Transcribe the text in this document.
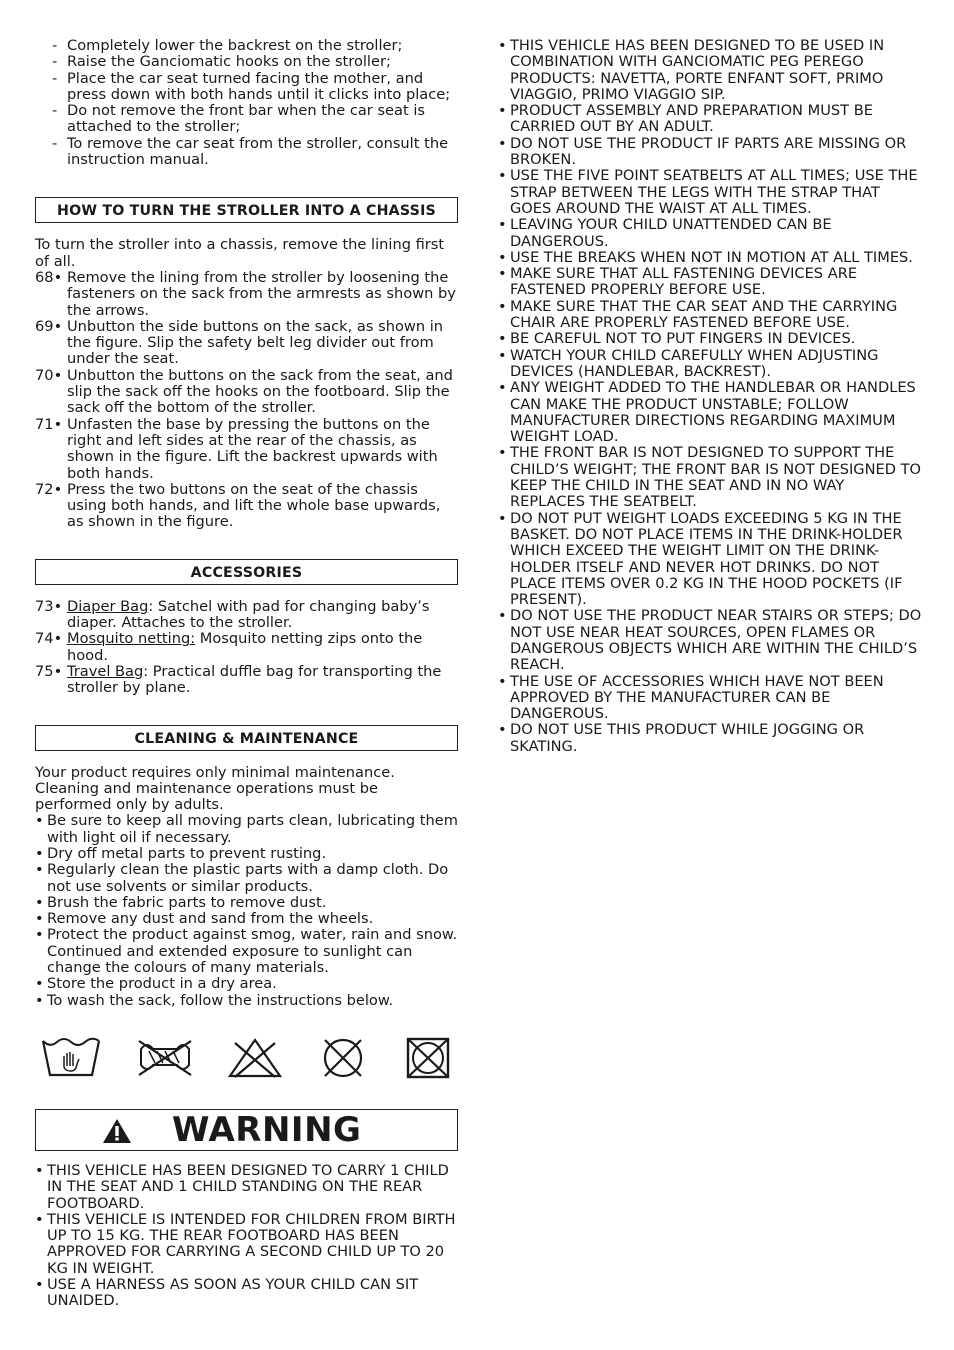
- Completely lower the backrest on the stroller;
- Raise the Ganciomatic hooks on the stroller;
- Place the car seat turned facing the mother, and press down with both hands until it clicks into place;
- Do not remove the front bar when the car seat is attached to the stroller;
- To remove the car seat from the stroller, consult the instruction manual.
HOW TO TURN THE STROLLER INTO A CHASSIS

To turn the stroller into a chassis, remove the lining first of all.

68• Remove the lining from the stroller by loosening the fasteners on the sack from the armrests as shown by the arrows.
69• Unbutton the side buttons on the sack, as shown in the figure. Slip the safety belt leg divider out from under the seat.
70• Unbutton the buttons on the sack from the seat, and slip the sack off the hooks on the footboard. Slip the sack off the bottom of the stroller.
71• Unfasten the base by pressing the buttons on the right and left sides at the rear of the chassis, as shown in the figure. Lift the backrest upwards with both hands.
72• Press the two buttons on the seat of the chassis using both hands, and lift the whole base upwards, as shown in the figure.
ACCESSORIES
73• Diaper Bag: Satchel with pad for changing baby’s diaper. Attaches to the stroller.
74• Mosquito netting: Mosquito netting zips onto the hood.
75• Travel Bag: Practical duffle bag for transporting the stroller by plane.
CLEANING & MAINTENANCE

Your product requires only minimal maintenance. Cleaning and maintenance operations must be performed only by adults.

• Be sure to keep all moving parts clean, lubricating them with light oil if necessary.
• Dry off metal parts to prevent rusting.
• Regularly clean the plastic parts with a damp cloth. Do not use solvents or similar products.
• Brush the fabric parts to remove dust.
• Remove any dust and sand from the wheels.
• Protect the product against smog, water, rain and snow. Continued and extended exposure to sunlight can change the colours of many materials.
• Store the product in a dry area.
• To wash the sack, follow the instructions below.
WARNING
• THIS VEHICLE HAS BEEN DESIGNED TO CARRY 1 CHILD IN THE SEAT AND 1 CHILD STANDING ON THE REAR FOOTBOARD.
• THIS VEHICLE IS INTENDED FOR CHILDREN FROM BIRTH UP TO 15 KG. THE REAR FOOTBOARD HAS BEEN APPROVED FOR CARRYING A SECOND CHILD UP TO 20 KG IN WEIGHT.
• USE A HARNESS AS SOON AS YOUR CHILD CAN SIT UNAIDED.
• THIS VEHICLE HAS BEEN DESIGNED TO BE USED IN COMBINATION WITH GANCIOMATIC PEG PEREGO PRODUCTS: NAVETTA, PORTE ENFANT SOFT, PRIMO VIAGGIO, PRIMO VIAGGIO SIP.
• PRODUCT ASSEMBLY AND PREPARATION MUST BE CARRIED OUT BY AN ADULT.
• DO NOT USE THE PRODUCT IF PARTS ARE MISSING OR BROKEN.
• USE THE FIVE POINT SEATBELTS AT ALL TIMES; USE THE STRAP BETWEEN THE LEGS WITH THE STRAP THAT GOES AROUND THE WAIST AT ALL TIMES.
• LEAVING YOUR CHILD UNATTENDED CAN BE DANGEROUS.
• USE THE BREAKS WHEN NOT IN MOTION AT ALL TIMES.
• MAKE SURE THAT ALL FASTENING DEVICES ARE FASTENED PROPERLY BEFORE USE.
• MAKE SURE THAT THE CAR SEAT AND THE CARRYING CHAIR ARE PROPERLY FASTENED BEFORE USE.
• BE CAREFUL NOT TO PUT FINGERS IN DEVICES.
• WATCH YOUR CHILD CAREFULLY WHEN ADJUSTING DEVICES (HANDLEBAR, BACKREST).
• ANY WEIGHT ADDED TO THE HANDLEBAR OR HANDLES CAN MAKE THE PRODUCT UNSTABLE; FOLLOW MANUFACTURER DIRECTIONS REGARDING MAXIMUM WEIGHT LOAD.
• THE FRONT BAR IS NOT DESIGNED TO SUPPORT THE CHILD’S WEIGHT; THE FRONT BAR IS NOT DESIGNED TO KEEP THE CHILD IN THE SEAT AND IN NO WAY REPLACES THE SEATBELT.
• DO NOT PUT WEIGHT LOADS EXCEEDING 5 KG IN THE BASKET. DO NOT PLACE ITEMS IN THE DRINK-HOLDER WHICH EXCEED THE WEIGHT LIMIT ON THE DRINK-HOLDER ITSELF AND NEVER HOT DRINKS. DO NOT PLACE ITEMS OVER 0.2 KG IN THE HOOD POCKETS (IF PRESENT).
• DO NOT USE THE PRODUCT NEAR STAIRS OR STEPS; DO NOT USE NEAR HEAT SOURCES, OPEN FLAMES OR DANGEROUS OBJECTS WHICH ARE WITHIN THE CHILD’S REACH.
• THE USE OF ACCESSORIES WHICH HAVE NOT BEEN APPROVED BY THE MANUFACTURER CAN BE DANGEROUS.
• DO NOT USE THIS PRODUCT WHILE JOGGING OR SKATING.
